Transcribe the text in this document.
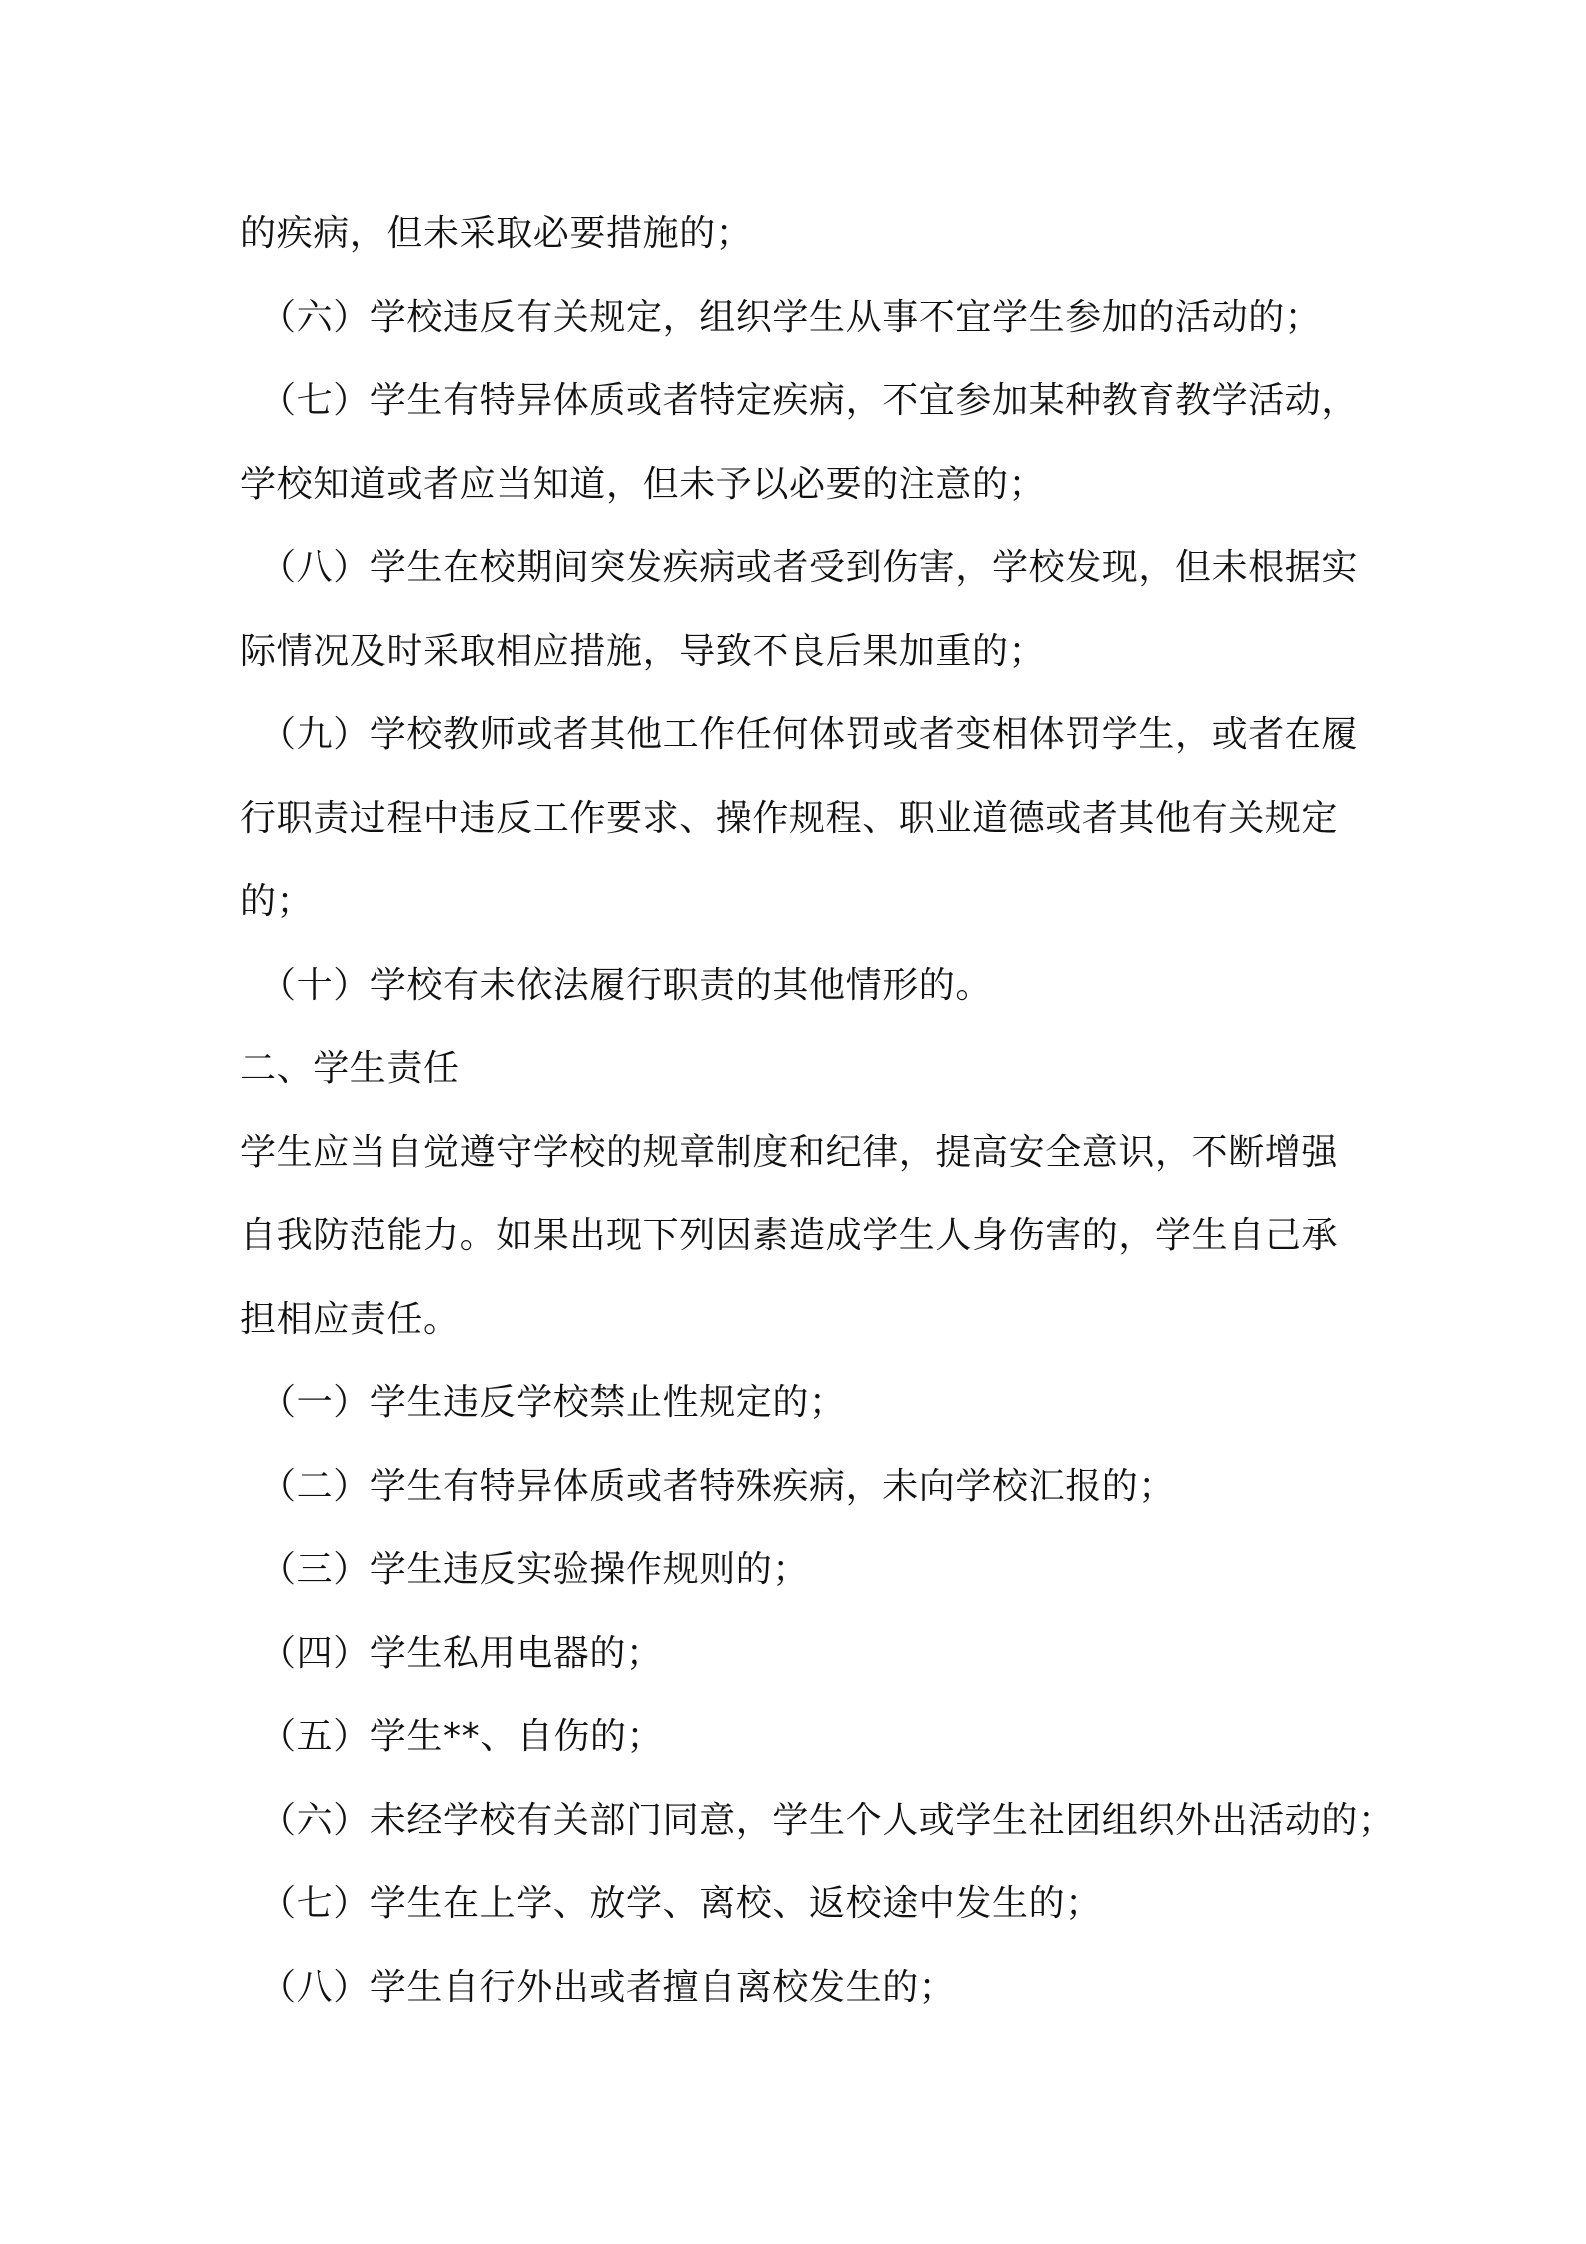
的疾病，但未采取必要措施的；
（六）学校违反有关规定，组织学生从事不宜学生参加的活动的；
（七）学生有特异体质或者特定疾病，不宜参加某种教育教学活动，
学校知道或者应当知道，但未予以必要的注意的；
（八）学生在校期间突发疾病或者受到伤害，学校发现，但未根据实
际情况及时采取相应措施，导致不良后果加重的；
（九）学校教师或者其他工作任何体罚或者变相体罚学生，或者在履
行职责过程中违反工作要求、操作规程、职业道德或者其他有关规定
的；
（十）学校有未依法履行职责的其他情形的。
二、学生责任
学生应当自觉遵守学校的规章制度和纪律，提高安全意识，不断增强
自我防范能力。如果出现下列因素造成学生人身伤害的，学生自己承
担相应责任。
（一）学生违反学校禁止性规定的；
（二）学生有特异体质或者特殊疾病，未向学校汇报的；
（三）学生违反实验操作规则的；
（四）学生私用电器的；
（五）学生**、自伤的；
（六）未经学校有关部门同意，学生个人或学生社团组织外出活动的；
（七）学生在上学、放学、离校、返校途中发生的；
（八）学生自行外出或者擅自离校发生的；
